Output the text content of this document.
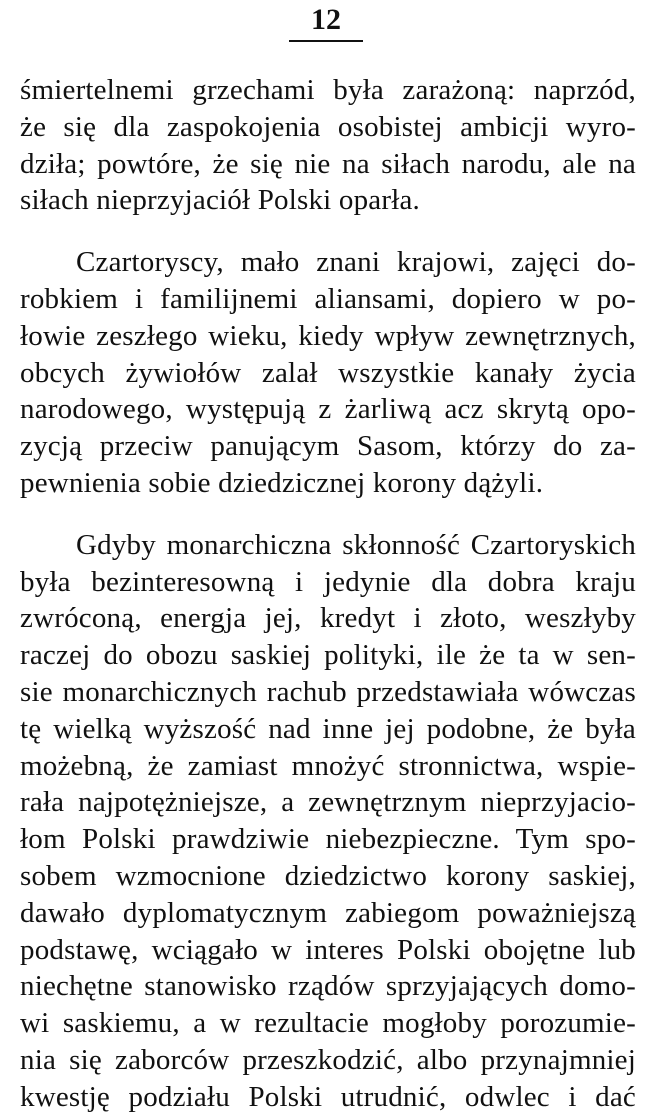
12

śmiertelnemi grzechami była zarażoną: naprzód,
że się dla zaspokojenia osobistej ambicji wyro-
dziła; powtóre, że się nie na siłach narodu, ale na
siłach nieprzyjaciół Polski oparła.

Czartoryscy, mało znani krajowi, zajęci do-
robkiem i familijnemi aliansami, dopiero w po-
łowie zeszłego wieku, kiedy wpływ zewnętrznych,
obcych żywiołów zalał wszystkie kanały życia
narodowego, występują z żarliwą acz skrytą opo-
zycją przeciw panującym Sasom, którzy do za-
pewnienia sobie dziedzicznej korony dążyli.

Gdyby monarchiczna skłonność Czartoryskich
była bezinteresowną i jedynie dla dobra kraju
zwróconą, energja jej, kredyt i złoto, weszłyby
raczej do obozu saskiej polityki, ile że ta w sen-
sie monarchicznych rachub przedstawiała wówczas
tę wielką wyższość nad inne jej podobne, że była
możebną, że zamiast mnożyć stronnictwa, wspie-
rała najpotężniejsze, a zewnętrznym nieprzyjacio-
łom Polski prawdziwie niebezpieczne. Tym spo-
sobem wzmocnione dziedzictwo korony saskiej,
dawało dyplomatycznym zabiegom poważniejszą
podstawę, wciągało w interes Polski obojętne lub
niechętne stanowisko rządów sprzyjających domo-
wi saskiemu, a w rezultacie mogłoby porozumie-
nia się zaborców przeszkodzić, albo przynajmniej
kwestję podziału Polski utrudnić, odwlec i dać
